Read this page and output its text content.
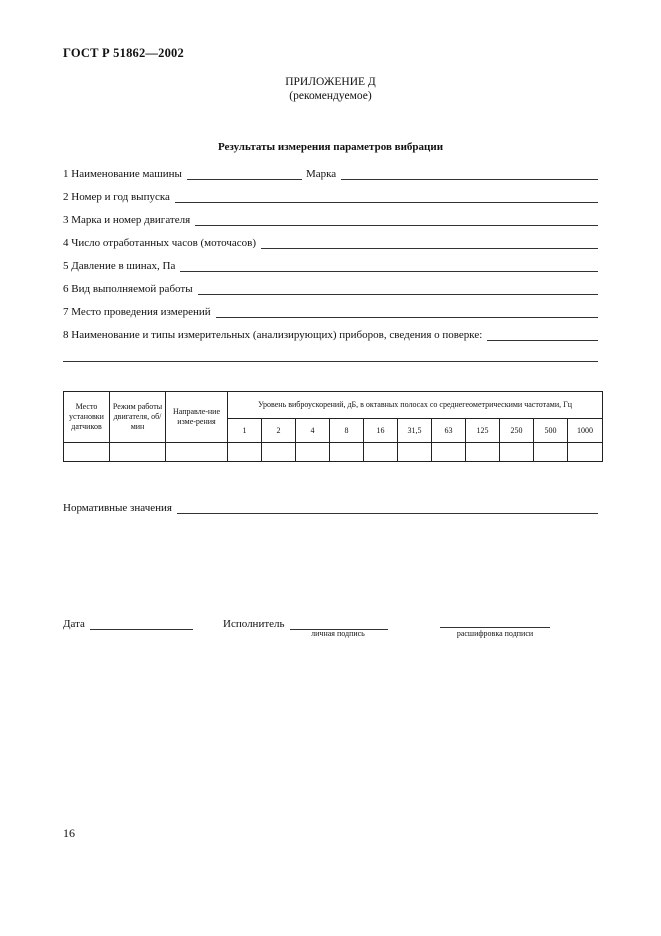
ГОСТ Р 51862—2002
ПРИЛОЖЕНИЕ Д
(рекомендуемое)
Результаты измерения параметров вибрации
1 Наименование машины	Марка
2 Номер и год выпуска
3 Марка и номер двигателя
4 Число отработанных часов (моточасов)
5 Давление в шинах, Па
6 Вид выполняемой работы
7 Место проведения измерений
8 Наименование и типы измерительных (анализирующих) приборов, сведения о поверке:
Место установки датчиков	Режим работы двигателя, об/мин	Направле-ние изме-рения	Уровень виброускорений, дБ, в октавных полосах со среднегеометрическими частотами, Гц										
			1	2	4	8	16	31,5	63	125	250	500	1000

Нормативные значения
Дата	Исполнитель
личная подпись	расшифровка подписи
16
